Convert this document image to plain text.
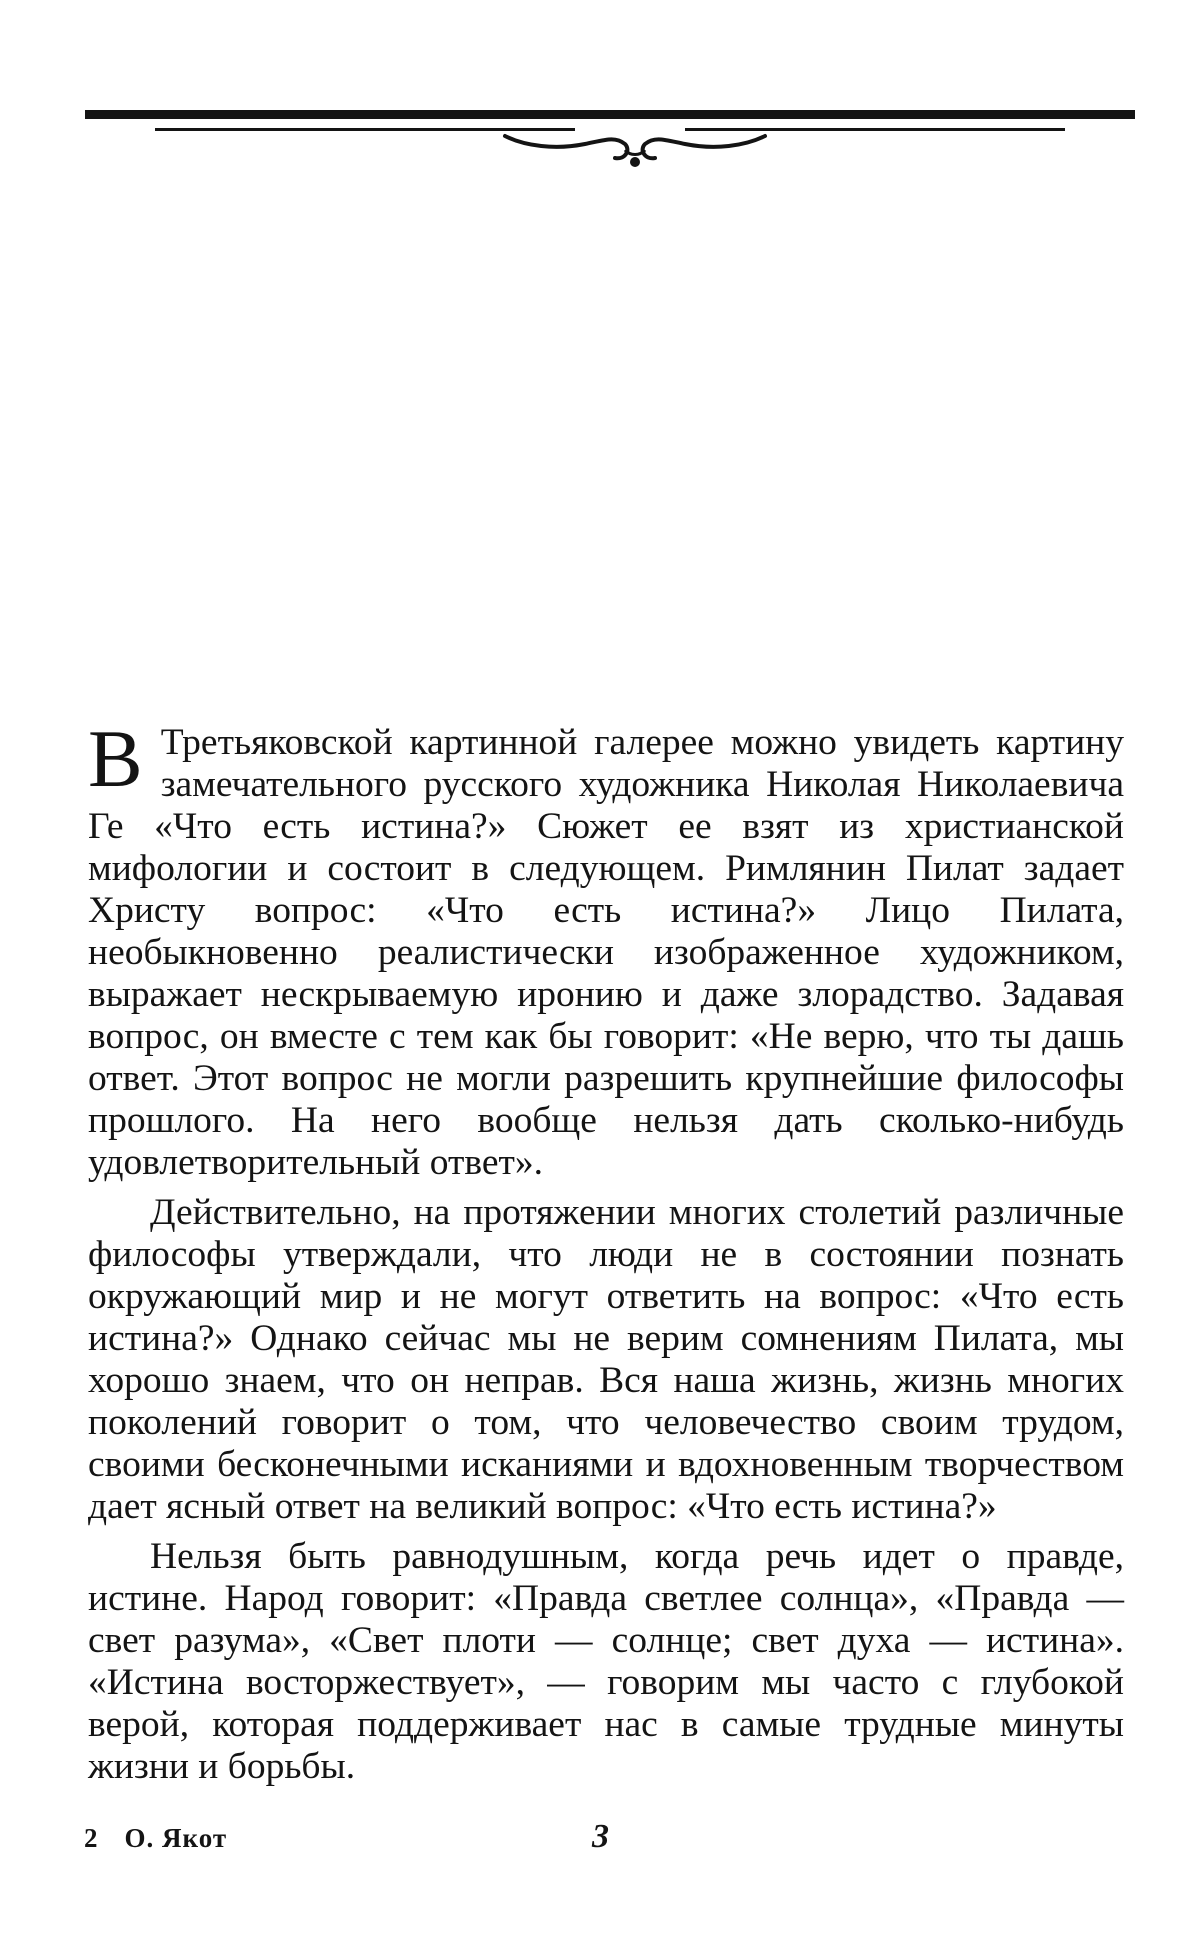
В Третьяковской картинной галерее можно увидеть картину замечательного русского художника Николая Николаевича Ге «Что есть истина?» Сюжет ее взят из христианской мифологии и состоит в следующем. Римлянин Пилат задает Христу вопрос: «Что есть истина?» Лицо Пилата, необыкновенно реалистически изображенное художником, выражает нескрываемую иронию и даже злорадство. Задавая вопрос, он вместе с тем как бы говорит: «Не верю, что ты дашь ответ. Этот вопрос не могли разрешить крупнейшие философы прошлого. На него вообще нельзя дать сколько-нибудь удовлетворительный ответ».

Действительно, на протяжении многих столетий различные философы утверждали, что люди не в состоянии познать окружающий мир и не могут ответить на вопрос: «Что есть истина?» Однако сейчас мы не верим сомнениям Пилата, мы хорошо знаем, что он неправ. Вся наша жизнь, жизнь многих поколений говорит о том, что человечество своим трудом, своими бесконечными исканиями и вдохновенным творчеством дает ясный ответ на великий вопрос: «Что есть истина?»

Нельзя быть равнодушным, когда речь идет о правде, истине. Народ говорит: «Правда светлее солнца», «Правда — свет разума», «Свет плоти — солнце; свет духа — истина». «Истина восторжествует», — говорим мы часто с глубокой верой, которая поддерживает нас в самые трудные минуты жизни и борьбы.

2 О. Якот	3
